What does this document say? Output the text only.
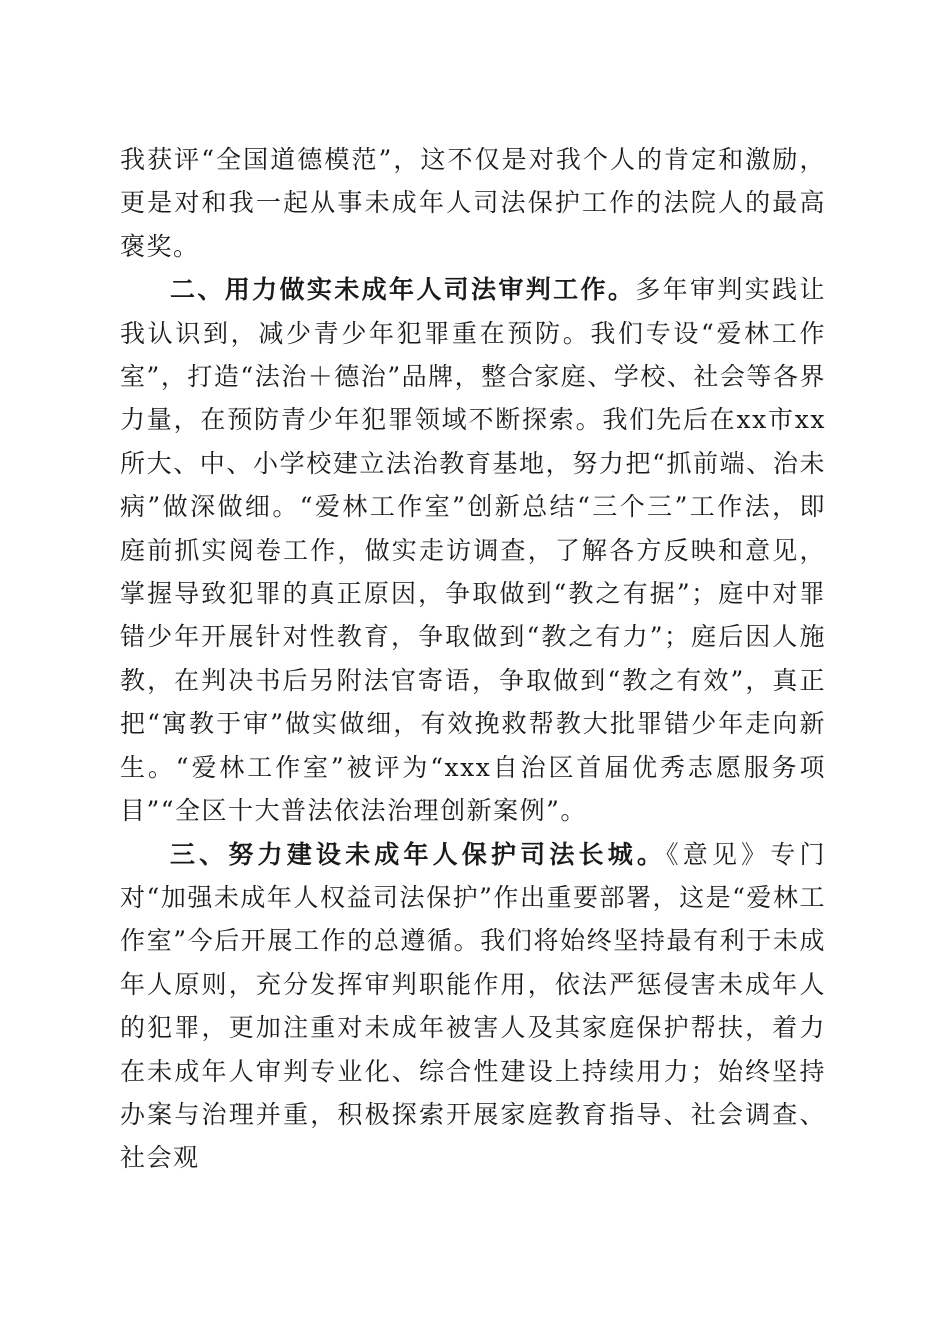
我获评“全国道德模范”，这不仅是对我个人的肯定和激励，更是对和我一起从事未成年人司法保护工作的法院人的最高褒奖。

二、用力做实未成年人司法审判工作。多年审判实践让我认识到，减少青少年犯罪重在预防。我们专设“爱林工作室”，打造“法治＋德治”品牌，整合家庭、学校、社会等各界力量，在预防青少年犯罪领域不断探索。我们先后在xx市xx所大、中、小学校建立法治教育基地，努力把“抓前端、治未病”做深做细。“爱林工作室”创新总结“三个三”工作法，即庭前抓实阅卷工作，做实走访调查，了解各方反映和意见，掌握导致犯罪的真正原因，争取做到“教之有据”；庭中对罪错少年开展针对性教育，争取做到“教之有力”；庭后因人施教，在判决书后另附法官寄语，争取做到“教之有效”，真正把“寓教于审”做实做细，有效挽救帮教大批罪错少年走向新生。“爱林工作室”被评为“xxx自治区首届优秀志愿服务项目”“全区十大普法依法治理创新案例”。

三、努力建设未成年人保护司法长城。《意见》专门对“加强未成年人权益司法保护”作出重要部署，这是“爱林工作室”今后开展工作的总遵循。我们将始终坚持最有利于未成年人原则，充分发挥审判职能作用，依法严惩侵害未成年人的犯罪，更加注重对未成年被害人及其家庭保护帮扶，着力在未成年人审判专业化、综合性建设上持续用力；始终坚持办案与治理并重，积极探索开展家庭教育指导、社会调查、社会观
